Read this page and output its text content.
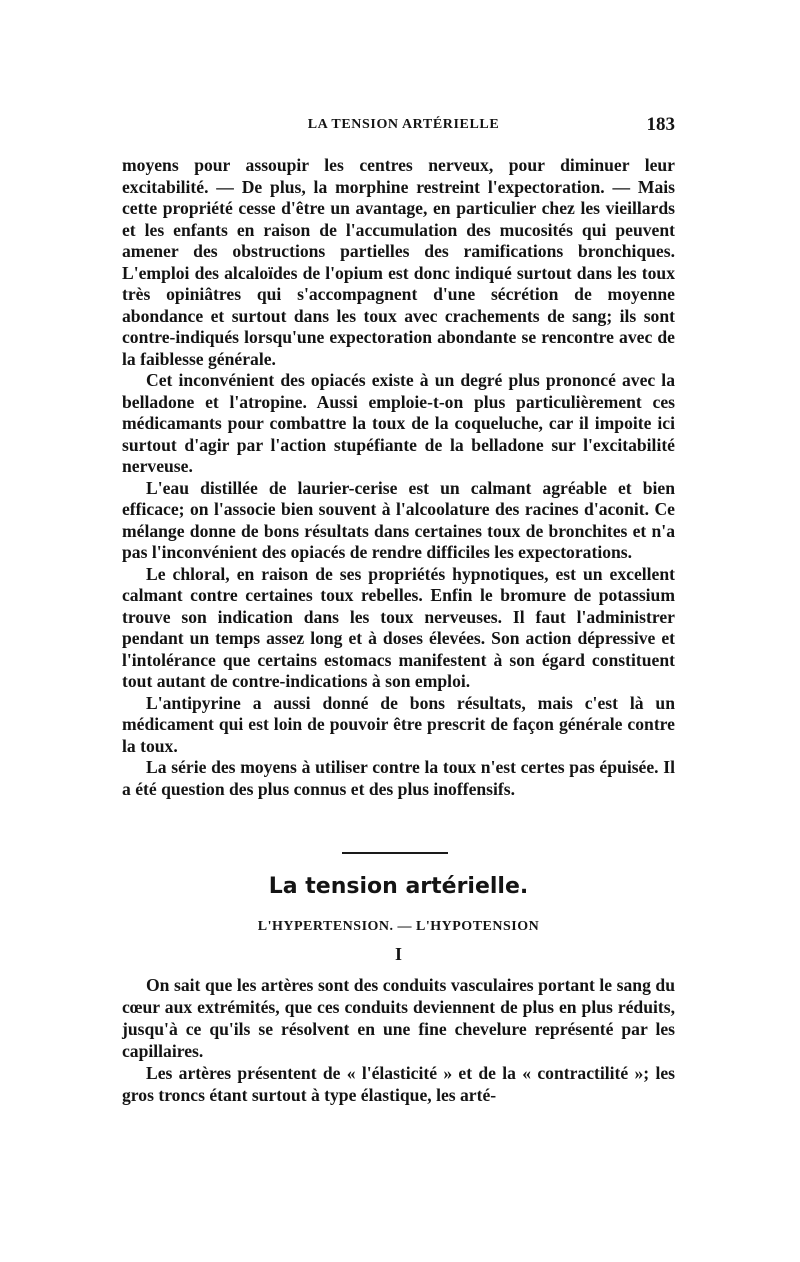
LA TENSION ARTÉRIELLE	183

moyens pour assoupir les centres nerveux, pour diminuer leur excitabilité. — De plus, la morphine restreint l'expectoration. — Mais cette propriété cesse d'être un avantage, en particulier chez les vieillards et les enfants en raison de l'accumulation des mucosités qui peuvent amener des obstructions partielles des ramifications bronchiques. L'emploi des alcaloïdes de l'opium est donc indiqué surtout dans les toux très opiniâtres qui s'accompagnent d'une sécrétion de moyenne abondance et surtout dans les toux avec crachements de sang; ils sont contre-indiqués lorsqu'une expectoration abondante se rencontre avec de la faiblesse générale.

Cet inconvénient des opiacés existe à un degré plus prononcé avec la belladone et l'atropine. Aussi emploie-t-on plus particulièrement ces médicamants pour combattre la toux de la coqueluche, car il impoite ici surtout d'agir par l'action stupéfiante de la belladone sur l'excitabilité nerveuse.

L'eau distillée de laurier-cerise est un calmant agréable et bien efficace; on l'associe bien souvent à l'alcoolature des racines d'aconit. Ce mélange donne de bons résultats dans certaines toux de bronchites et n'a pas l'inconvénient des opiacés de rendre difficiles les expectorations.

Le chloral, en raison de ses propriétés hypnotiques, est un excellent calmant contre certaines toux rebelles. Enfin le bromure de potassium trouve son indication dans les toux nerveuses. Il faut l'administrer pendant un temps assez long et à doses élevées. Son action dépressive et l'intolérance que certains estomacs manifestent à son égard constituent tout autant de contre-indications à son emploi.

L'antipyrine a aussi donné de bons résultats, mais c'est là un médicament qui est loin de pouvoir être prescrit de façon générale contre la toux.

La série des moyens à utiliser contre la toux n'est certes pas épuisée. Il a été question des plus connus et des plus inoffensifs.

La tension artérielle.
L'HYPERTENSION. — L'HYPOTENSION
I

On sait que les artères sont des conduits vasculaires portant le sang du cœur aux extrémités, que ces conduits deviennent de plus en plus réduits, jusqu'à ce qu'ils se résolvent en une fine chevelure représenté par les capillaires.

Les artères présentent de « l'élasticité » et de la « contractilité »; les gros troncs étant surtout à type élastique, les arté-
